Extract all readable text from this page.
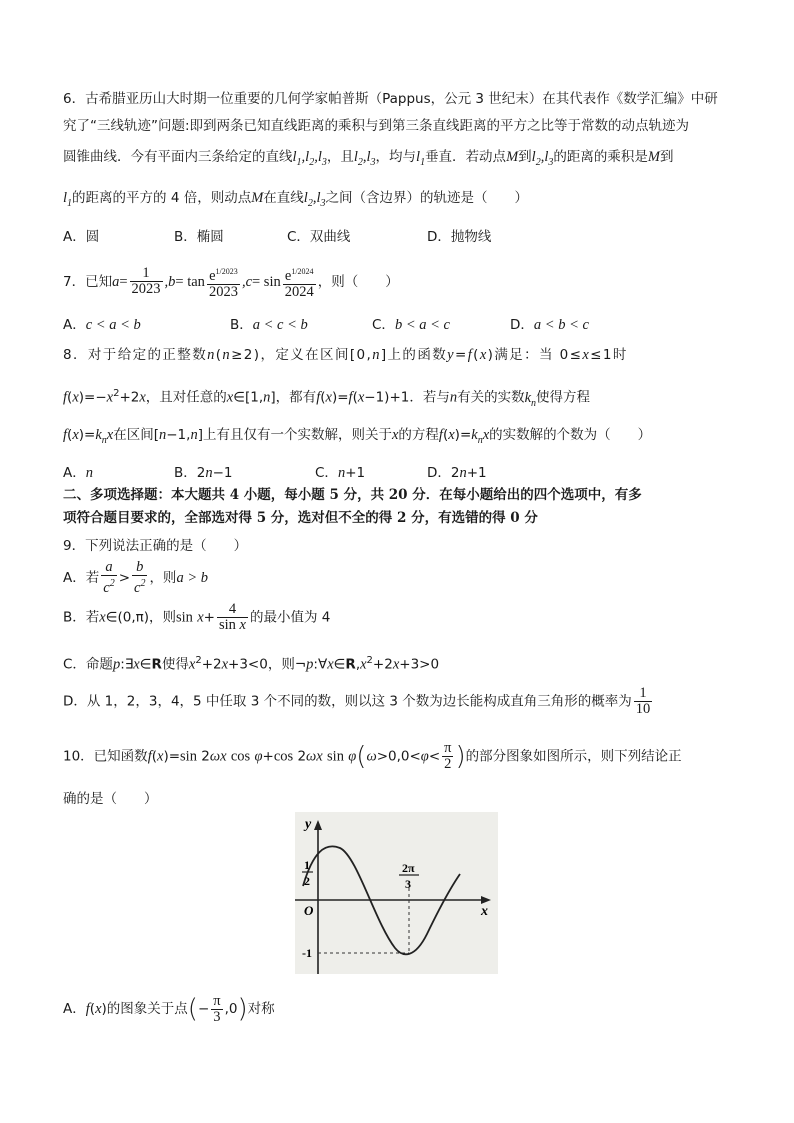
6．古希腊亚历山大时期一位重要的几何学家帕普斯（Pappus，公元 3 世纪末）在其代表作《数学汇编》中研
究了“三线轨迹”问题:即到两条已知直线距离的乘积与到第三条直线距离的平方之比等于常数的动点轨迹为
圆锥曲线．今有平面内三条给定的直线$l_1,l_2,l_3$，且$l_2,l_3$，均与$l_1$垂直．若动点M到$l_2,l_3$的距离的乘积是M到
$l_1$的距离的平方的 4 倍，则动点M在直线$l_2,l_3$之间（含边界）的轨迹是（　　）
A．圆	B．椭圆	C．双曲线	D．抛物线
7．已知$a= \frac{1}{2023} ,b= \tan \frac{e^{1/2023}}{2023} ,c= \sin \frac{e^{1/2024}}{2024}$ ，则（　　）
A．c < a < b	B．a < c < b	C．b < a < c	D．a < b < c
8．对于给定的正整数n(n≥2)，定义在区间[0,n]上的函数y=f(x)满足：当 0≤x≤1时
$f(x)=-x^2+2x$，且对任意的x∈[1,n]，都有f(x)=f(x−1)+1．若与n有关的实数$k_n$使得方程
$f(x)=k_nx$在区间[n−1,n]上有且仅有一个实数解，则关于x的方程$f(x)=k_nx$的实数解的个数为（　　）
A．n	B．2n−1	C．n+1	D．2n+1
二、多项选择题：本大题共 4 小题，每小题 5 分，共 20 分．在每小题给出的四个选项中，有多
项符合题目要求的，全部选对得 5 分，选对但不全的得 2 分，有选错的得 0 分
9．下列说法正确的是（　　）
A．若 $\frac{a}{c^2} > \frac{b}{c^2}$ ，则a > b
B．若x∈(0,π)，则$\sin x+ \frac{4}{\text{sin x}}$ 的最小值为 4
C．命题p:∃x∈R使得$x^2+2x+3<0$，则$\neg p:\forall x\in R,x^2+2x+3>0$
D．从 1，2，3，4，5 中任取 3 个不同的数，则以这 3 个数为边长能构成直角三角形的概率为 $\frac{1}{10}$
10．已知函数f(x)=sin 2ωx cos φ+cos 2ωx $\sin \varphi(\omega>0,0<\varphi< \frac{\pi}{2}$ )的部分图象如图所示，则下列结论正
确的是（　　）
y
x
O
1
2
-1
2π
3
A．f(x)的图象关于点(− $\frac{\pi}{3} ,0$)对称
